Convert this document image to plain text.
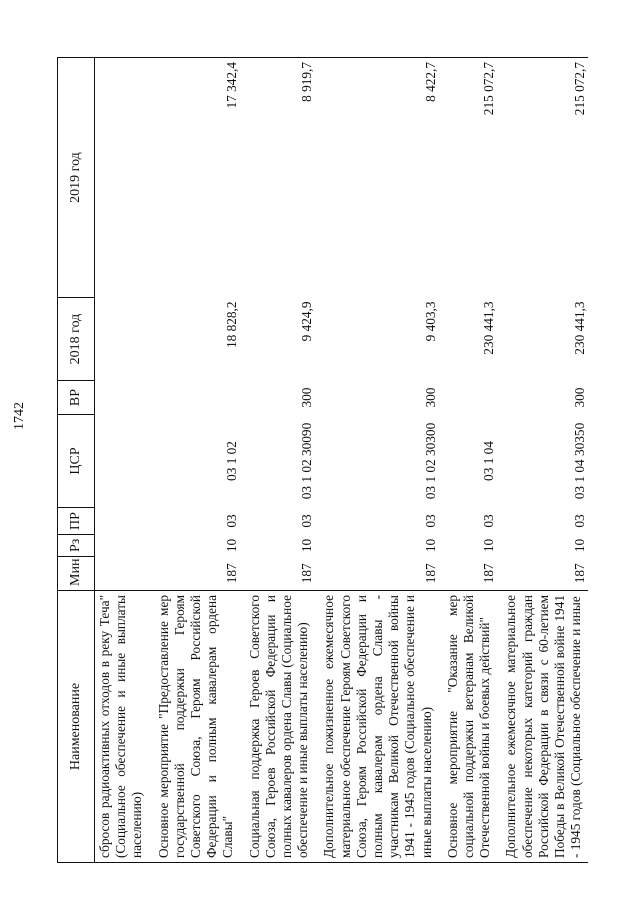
1742
Наименование	Мин	Рз	ПР	ЦСР	ВР	2018 год	2019 год
сбросов радиоактивных отходов в реку Теча" (Социальное обеспечение и иные выплаты населению)							
Основное мероприятие "Предоставление мер государственной поддержки Героям Советского Союза, Героям Российской Федерации и полным кавалерам ордена Славы"	187	10	03	03 1 02		18 828,2	17 342,4
Социальная поддержка Героев Советского Союза, Героев Российской Федерации и полных кавалеров ордена Славы (Социальное обеспечение и иные выплаты населению)	187	10	03	03 1 02 30090	300	9 424,9	8 919,7
Дополнительное пожизненное ежемесячное материальное обеспечение Героям Советского Союза, Героям Российской Федерации и полным кавалерам ордена Славы - участникам Великой Отечественной войны 1941 - 1945 годов (Социальное обеспечение и иные выплаты населению)	187	10	03	03 1 02 30300	300	9 403,3	8 422,7
Основное мероприятие "Оказание мер социальной поддержки ветеранам Великой Отечественной войны и боевых действий"	187	10	03	03 1 04		230 441,3	215 072,7
Дополнительное ежемесячное материальное обеспечение некоторых категорий граждан Российской Федерации в связи с 60-летием Победы в Великой Отечественной войне 1941 - 1945 годов (Социальное обеспечение и иные	187	10	03	03 1 04 30350	300	230 441,3	215 072,7
